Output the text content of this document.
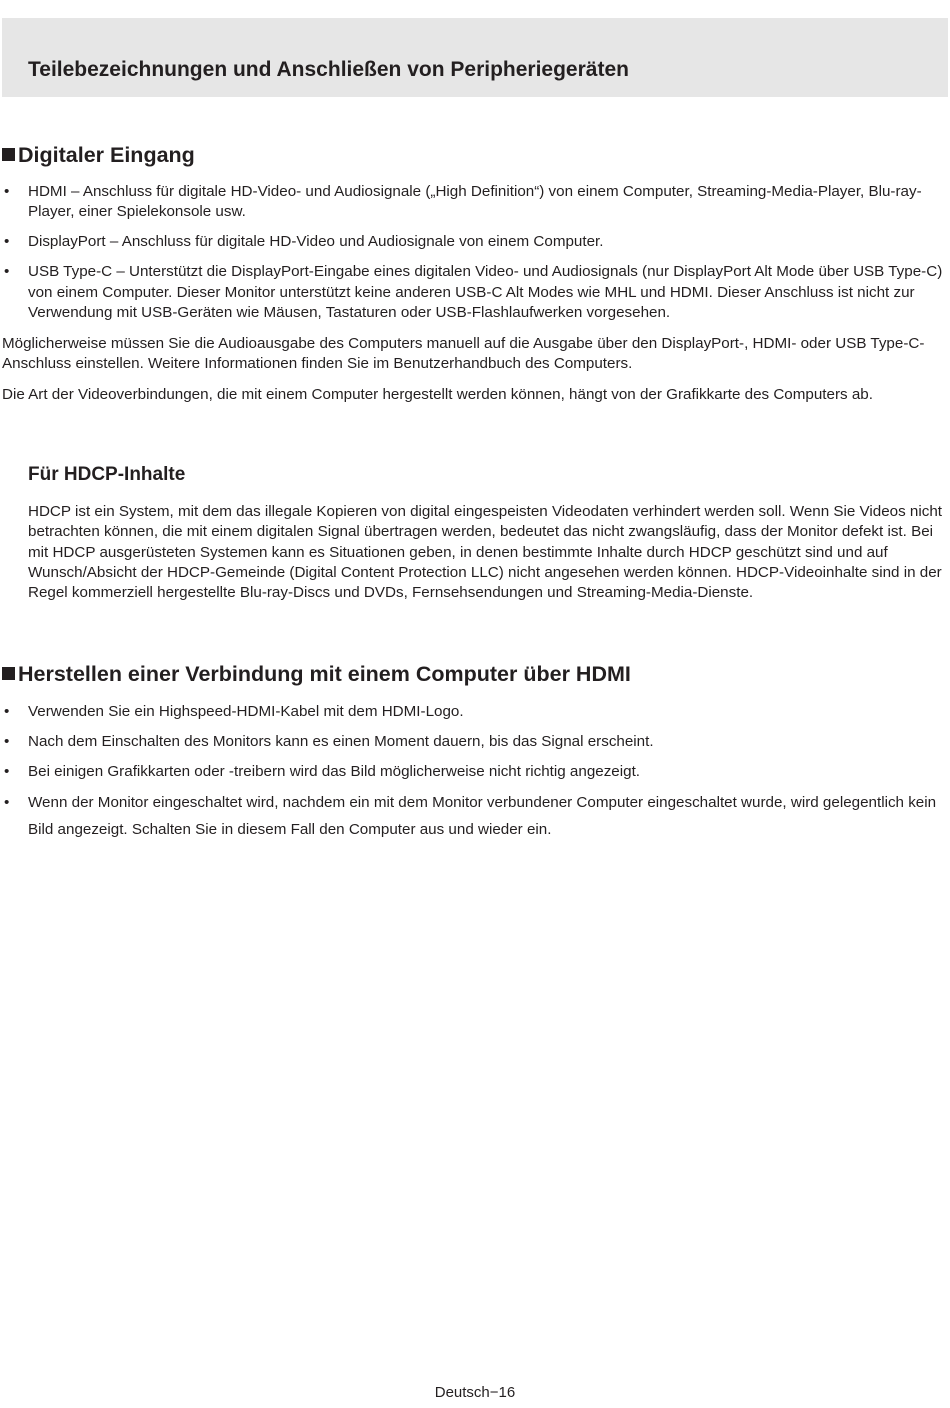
Teilebezeichnungen und Anschließen von Peripheriegeräten
Digitaler Eingang
• HDMI – Anschluss für digitale HD-Video- und Audiosignale („High Definition“) von einem Computer, Streaming-Media-Player, Blu-ray-Player, einer Spielekonsole usw.
• DisplayPort – Anschluss für digitale HD-Video und Audiosignale von einem Computer.
• USB Type-C – Unterstützt die DisplayPort-Eingabe eines digitalen Video- und Audiosignals (nur DisplayPort Alt Mode über USB Type-C) von einem Computer. Dieser Monitor unterstützt keine anderen USB-C Alt Modes wie MHL und HDMI. Dieser Anschluss ist nicht zur Verwendung mit USB-Geräten wie Mäusen, Tastaturen oder USB-Flashlaufwerken vorgesehen.

Möglicherweise müssen Sie die Audioausgabe des Computers manuell auf die Ausgabe über den DisplayPort-, HDMI- oder USB Type-C-Anschluss einstellen. Weitere Informationen finden Sie im Benutzerhandbuch des Computers.

Die Art der Videoverbindungen, die mit einem Computer hergestellt werden können, hängt von der Grafikkarte des Computers ab.

Für HDCP-Inhalte

HDCP ist ein System, mit dem das illegale Kopieren von digital eingespeisten Videodaten verhindert werden soll. Wenn Sie Videos nicht betrachten können, die mit einem digitalen Signal übertragen werden, bedeutet das nicht zwangsläufig, dass der Monitor defekt ist. Bei mit HDCP ausgerüsteten Systemen kann es Situationen geben, in denen bestimmte Inhalte durch HDCP geschützt sind und auf Wunsch/Absicht der HDCP-Gemeinde (Digital Content Protection LLC) nicht angesehen werden können. HDCP-Videoinhalte sind in der Regel kommerziell hergestellte Blu-ray-Discs und DVDs, Fernsehsendungen und Streaming-Media-Dienste.

Herstellen einer Verbindung mit einem Computer über HDMI
• Verwenden Sie ein Highspeed-HDMI-Kabel mit dem HDMI-Logo.
• Nach dem Einschalten des Monitors kann es einen Moment dauern, bis das Signal erscheint.
• Bei einigen Grafikkarten oder -treibern wird das Bild möglicherweise nicht richtig angezeigt.
• Wenn der Monitor eingeschaltet wird, nachdem ein mit dem Monitor verbundener Computer eingeschaltet wurde, wird gelegentlich kein Bild angezeigt. Schalten Sie in diesem Fall den Computer aus und wieder ein.
Deutsch−16
